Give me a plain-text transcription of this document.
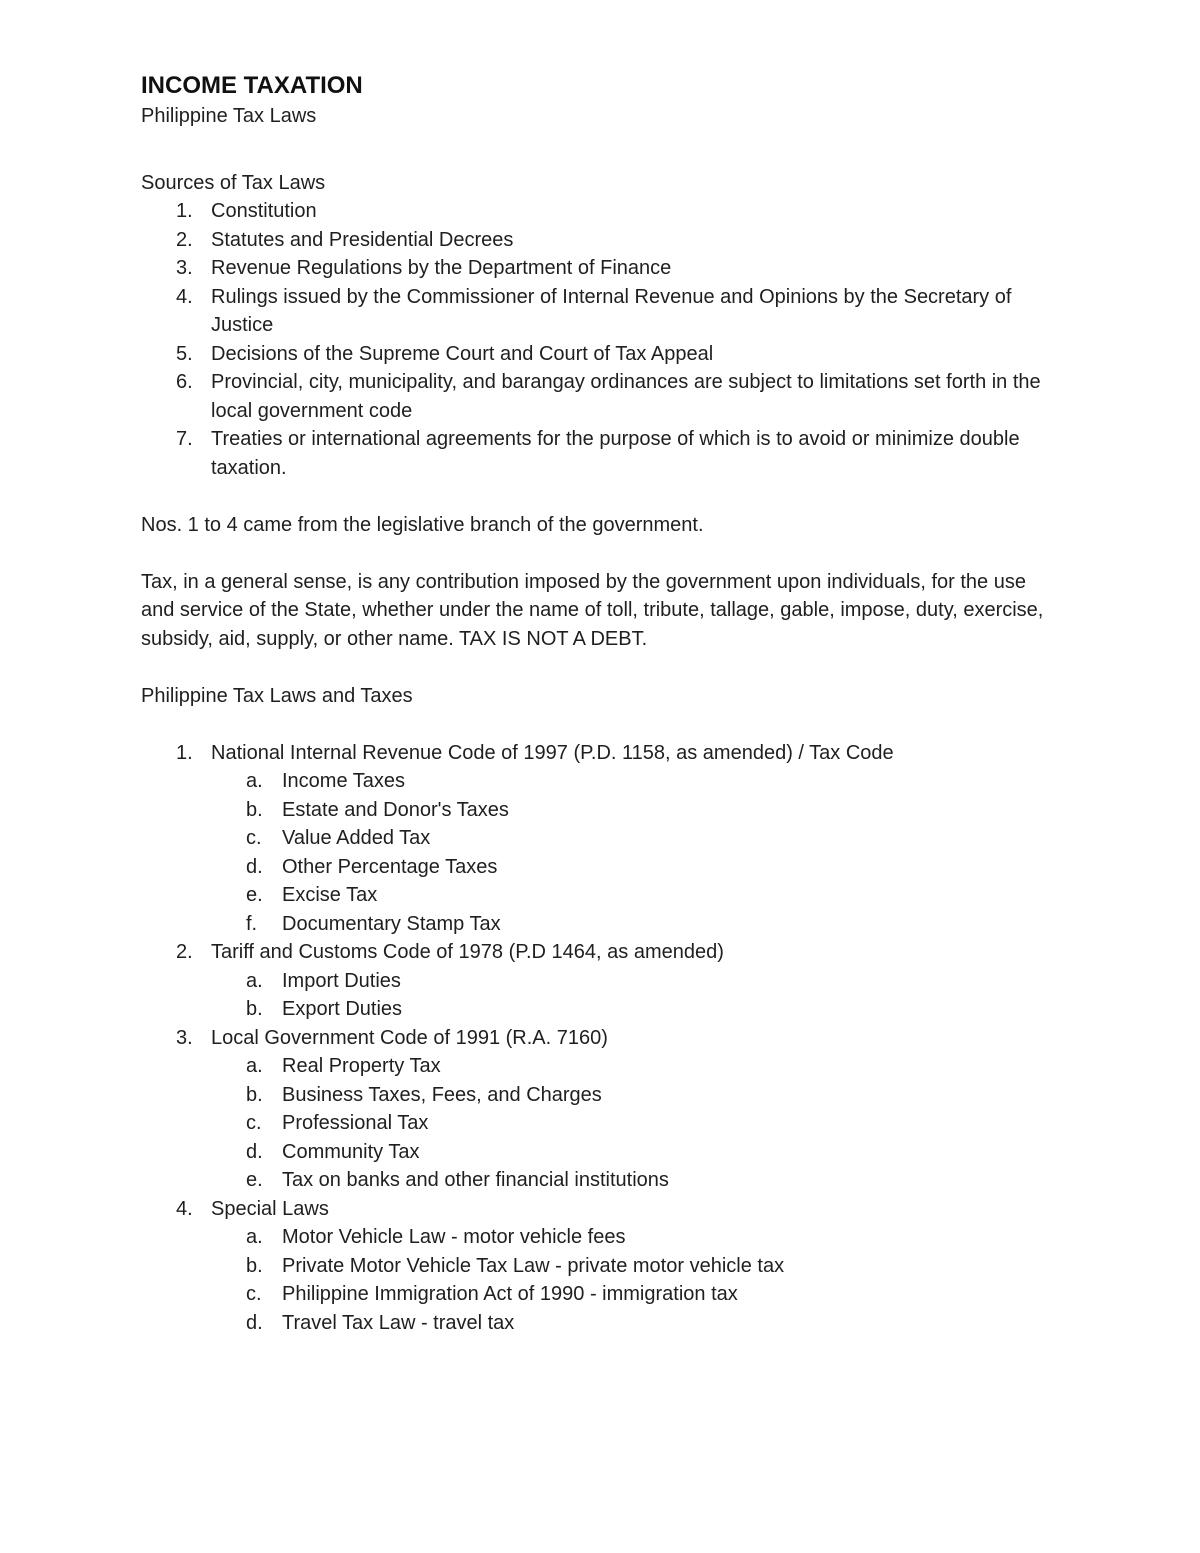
INCOME TAXATION

Philippine Tax Laws

Sources of Tax Laws

1. Constitution
2. Statutes and Presidential Decrees
3. Revenue Regulations by the Department of Finance
4. Rulings issued by the Commissioner of Internal Revenue and Opinions by the Secretary of Justice
5. Decisions of the Supreme Court and Court of Tax Appeal
6. Provincial, city, municipality, and barangay ordinances are subject to limitations set forth in the local government code
7. Treaties or international agreements for the purpose of which is to avoid or minimize double taxation.

Nos. 1 to 4 came from the legislative branch of the government.

Tax, in a general sense, is any contribution imposed by the government upon individuals, for the use and service of the State, whether under the name of toll, tribute, tallage, gable, impose, duty, exercise, subsidy, aid, supply, or other name. TAX IS NOT A DEBT.

Philippine Tax Laws and Taxes

1. National Internal Revenue Code of 1997 (P.D. 1158, as amended) / Tax Code
a. Income Taxes
b. Estate and Donor's Taxes
c. Value Added Tax
d. Other Percentage Taxes
e. Excise Tax
f. Documentary Stamp Tax
2. Tariff and Customs Code of 1978 (P.D 1464, as amended)
a. Import Duties
b. Export Duties
3. Local Government Code of 1991 (R.A. 7160)
a. Real Property Tax
b. Business Taxes, Fees, and Charges
c. Professional Tax
d. Community Tax
e. Tax on banks and other financial institutions
4. Special Laws
a. Motor Vehicle Law - motor vehicle fees
b. Private Motor Vehicle Tax Law - private motor vehicle tax
c. Philippine Immigration Act of 1990 - immigration tax
d. Travel Tax Law - travel tax
